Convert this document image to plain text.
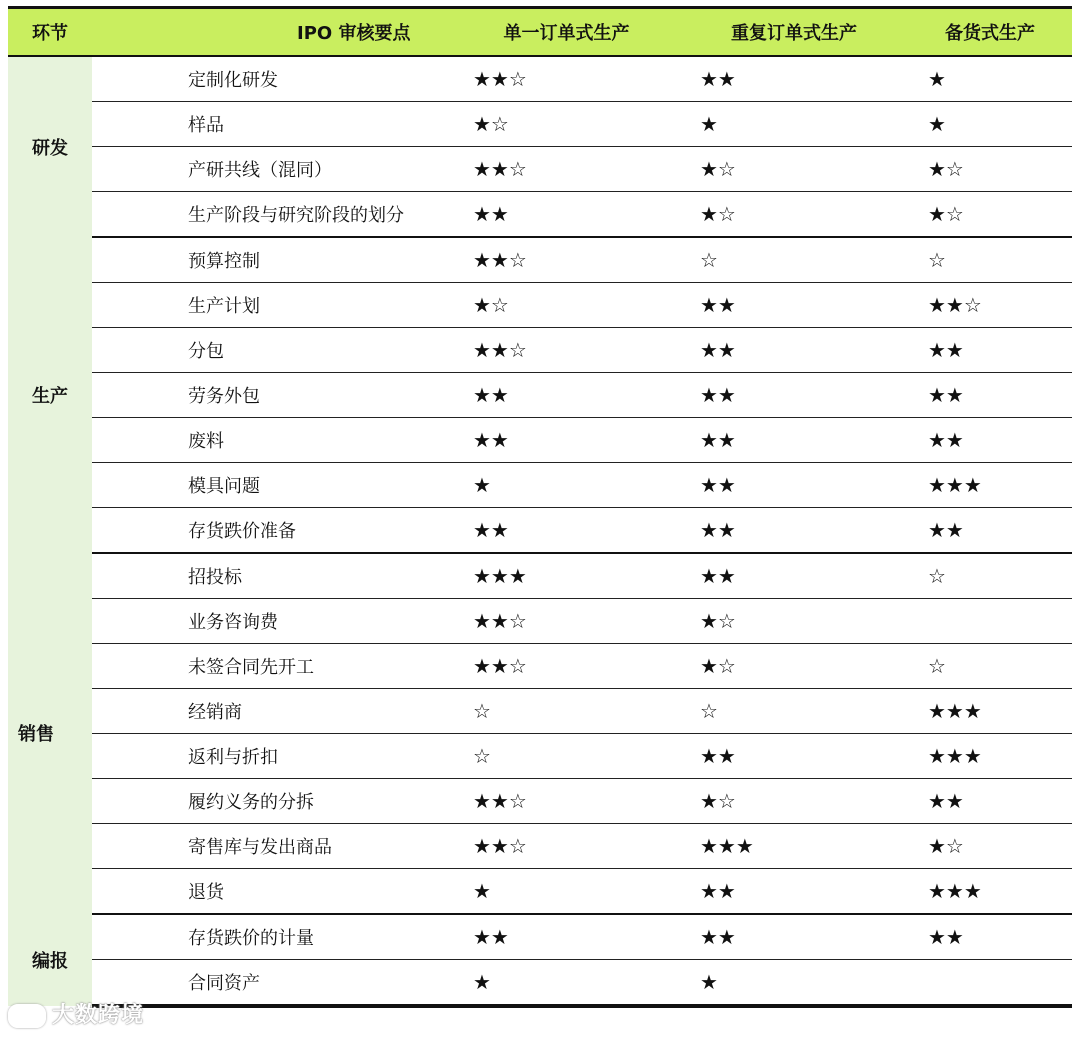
环节	IPO 审核要点	单一订单式生产	重复订单式生产	备货式生产
研发	定制化研发	★★☆	★★	★
	样品	★☆	★	★
	产研共线（混同）	★★☆	★☆	★☆
	生产阶段与研究阶段的划分	★★	★☆	★☆
生产	预算控制	★★☆	☆	☆
	生产计划	★☆	★★	★★☆
	分包	★★☆	★★	★★
	劳务外包	★★	★★	★★
	废料	★★	★★	★★
	模具问题	★	★★	★★★
	存货跌价准备	★★	★★	★★
销售	招投标	★★★	★★	☆
	业务咨询费	★★☆	★☆	
	未签合同先开工	★★☆	★☆	☆
	经销商	☆	☆	★★★
	返利与折扣	☆	★★	★★★
	履约义务的分拆	★★☆	★☆	★★
	寄售库与发出商品	★★☆	★★★	★☆
	退货	★	★★	★★★
编报	存货跌价的计量	★★	★★	★★
	合同资产	★	★	
大数跨境
